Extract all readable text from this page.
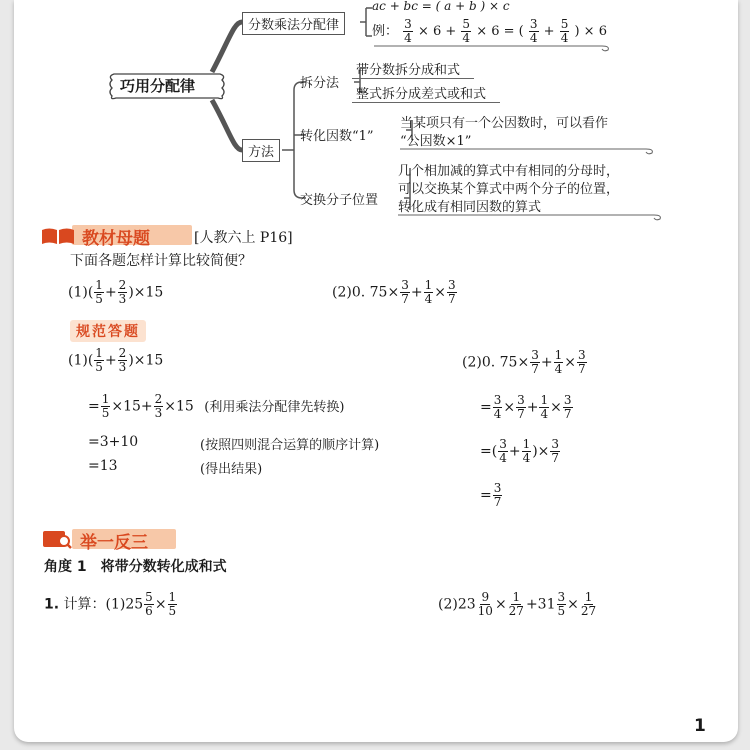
巧用分配律
分数乘法分配律
ac + bc = ( a + b ) × c
例： $\frac{3}{4} \times 6 + \frac{5}{4} \times 6$ = ( $\frac{3}{4} + \frac{5}{4}$ ) × 6
方法
拆分法
带分数拆分成和式
整式拆分成差式或和式
转化因数“1”
当某项只有一个公因数时，可以看作
“公因数×1”
交换分子位置
几个相加减的算式中有相同的分母时，
可以交换某个算式中两个分子的位置，
转化成有相同因数的算式
教材母题	[人教六上 P16]
下面各题怎样计算比较简便？
$(1)( \frac{1}{5} + \frac{2}{3} )\times 15$	(2)0. $75\times \frac{3}{7} + \frac{1}{4} \times \frac{3}{7}$
规范答题
$(1)( \frac{1}{5} + \frac{2}{3} )\times 15$
= $\frac{1}{5} \times 15+ \frac{2}{3} \times 15$ (利用乘法分配律先转换)
=3+10	(按照四则混合运算的顺序计算)
=13	(得出结果)
(2)0. $75\times \frac{3}{7} + \frac{1}{4} \times \frac{3}{7}$
= $\frac{3}{4} \times \frac{3}{7} + \frac{1}{4} \times \frac{3}{7}$
=( $\frac{3}{4} + \frac{1}{4}$ )× $\frac{3}{7}$
= $\frac{3}{7}$
举一反三
角度 1　将带分数转化成和式
1. 计算：$(1)25 \frac{5}{6} \times \frac{1}{5}$	$(2)23 \frac{9}{10} \times \frac{1}{27} +31 \frac{3}{5} \times \frac{1}{27}$
1
